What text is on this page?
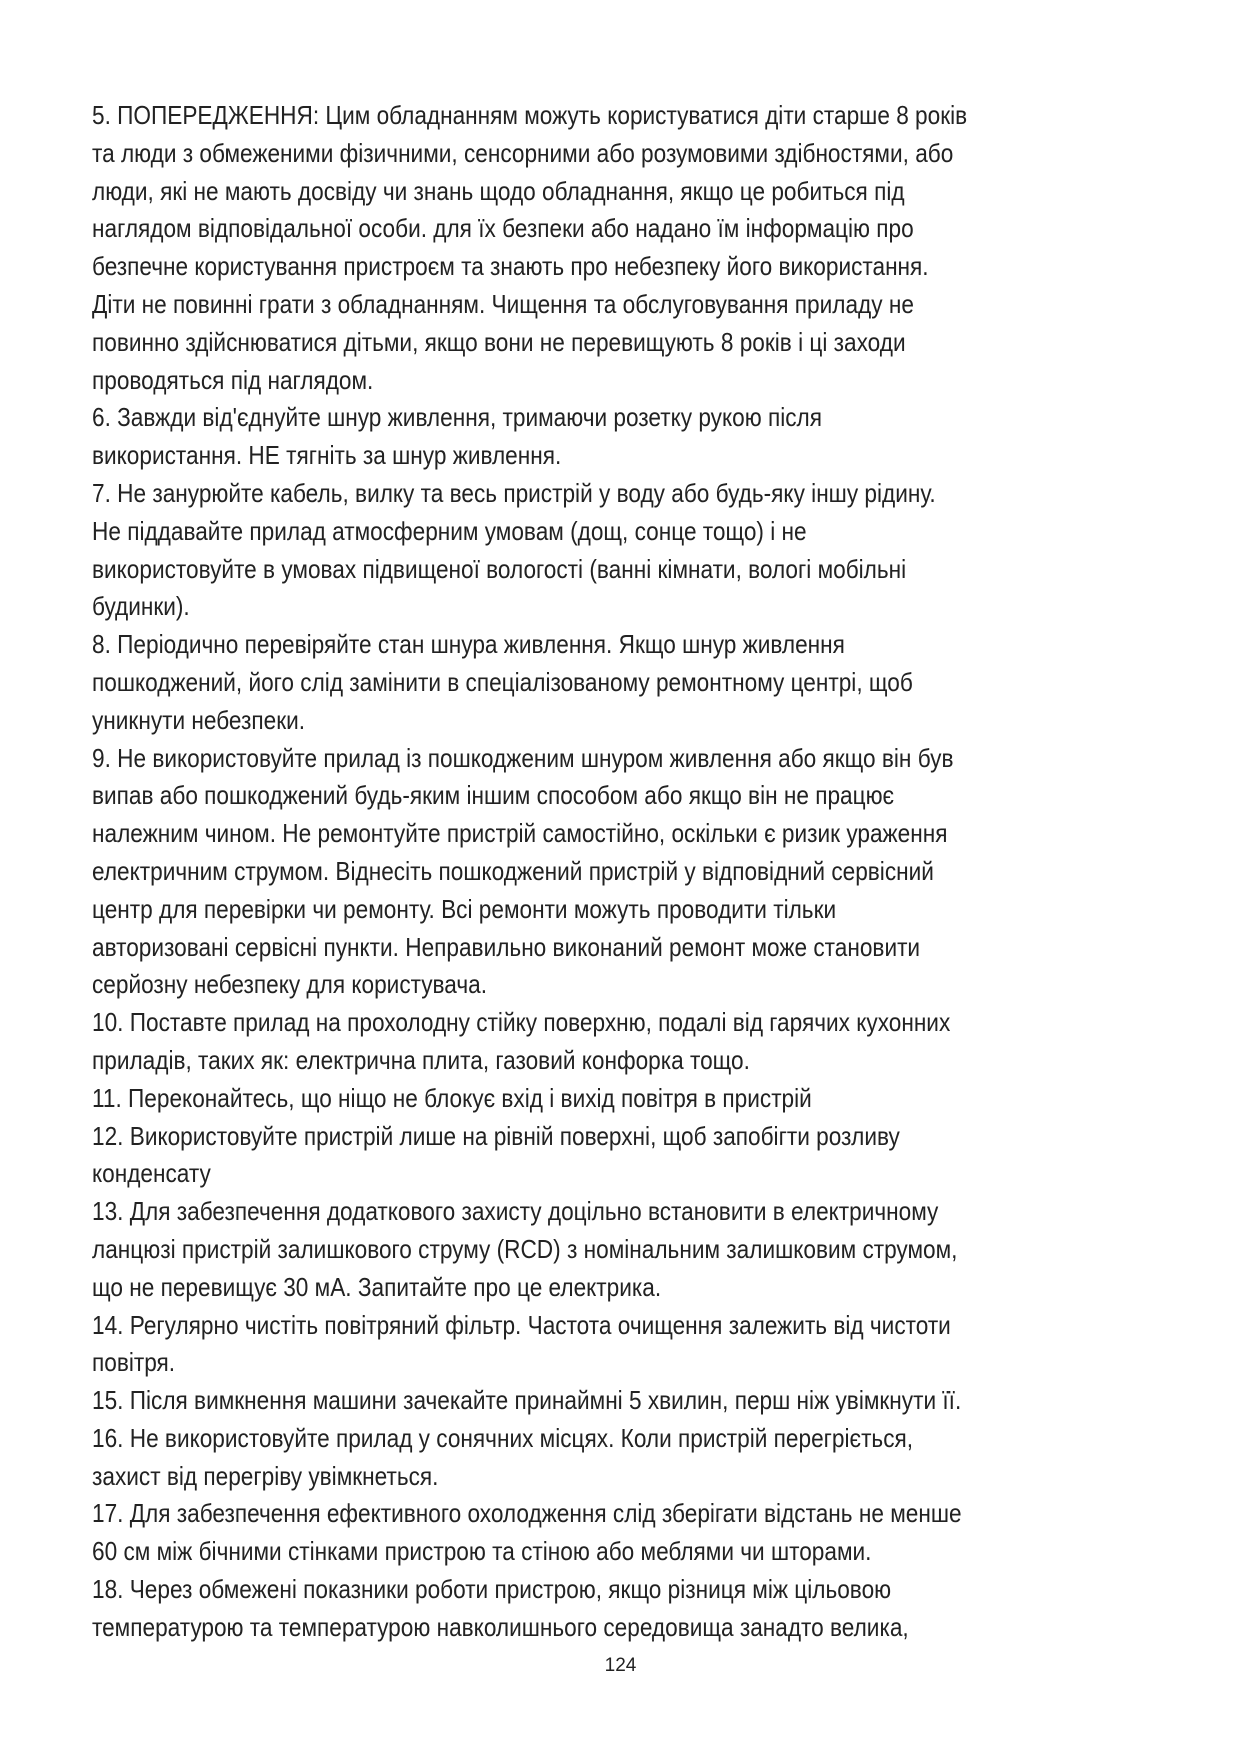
5. ПОПЕРЕДЖЕННЯ: Цим обладнанням можуть користуватися діти старше 8 років
та люди з обмеженими фізичними, сенсорними або розумовими здібностями, або
люди, які не мають досвіду чи знань щодо обладнання, якщо це робиться під
наглядом відповідальної особи. для їх безпеки або надано їм інформацію про
безпечне користування пристроєм та знають про небезпеку його використання.
Діти не повинні грати з обладнанням. Чищення та обслуговування приладу не
повинно здійснюватися дітьми, якщо вони не перевищують 8 років і ці заходи
проводяться під наглядом.

6. Завжди від'єднуйте шнур живлення, тримаючи розетку рукою після
використання. НЕ тягніть за шнур живлення.

7. Не занурюйте кабель, вилку та весь пристрій у воду або будь-яку іншу рідину.
Не піддавайте прилад атмосферним умовам (дощ, сонце тощо) і не
використовуйте в умовах підвищеної вологості (ванні кімнати, вологі мобільні
будинки).

8. Періодично перевіряйте стан шнура живлення. Якщо шнур живлення
пошкоджений, його слід замінити в спеціалізованому ремонтному центрі, щоб
уникнути небезпеки.

9. Не використовуйте прилад із пошкодженим шнуром живлення або якщо він був
випав або пошкоджений будь-яким іншим способом або якщо він не працює
належним чином. Не ремонтуйте пристрій самостійно, оскільки є ризик ураження
електричним струмом. Віднесіть пошкоджений пристрій у відповідний сервісний
центр для перевірки чи ремонту. Всі ремонти можуть проводити тільки
авторизовані сервісні пункти. Неправильно виконаний ремонт може становити
серйозну небезпеку для користувача.

10. Поставте прилад на прохолодну стійку поверхню, подалі від гарячих кухонних
приладів, таких як: електрична плита, газовий конфорка тощо.

11. Переконайтесь, що ніщо не блокує вхід і вихід повітря в пристрій

12. Використовуйте пристрій лише на рівній поверхні, щоб запобігти розливу
конденсату

13. Для забезпечення додаткового захисту доцільно встановити в електричному
ланцюзі пристрій залишкового струму (RCD) з номінальним залишковим струмом,
що не перевищує 30 мА. Запитайте про це електрика.

14. Регулярно чистіть повітряний фільтр. Частота очищення залежить від чистоти
повітря.

15. Після вимкнення машини зачекайте принаймні 5 хвилин, перш ніж увімкнути її.

16. Не використовуйте прилад у сонячних місцях. Коли пристрій перегріється,
захист від перегріву увімкнеться.

17. Для забезпечення ефективного охолодження слід зберігати відстань не менше
60 см між бічними стінками пристрою та стіною або меблями чи шторами.

18. Через обмежені показники роботи пристрою, якщо різниця між цільовою
температурою та температурою навколишнього середовища занадто велика,

124
